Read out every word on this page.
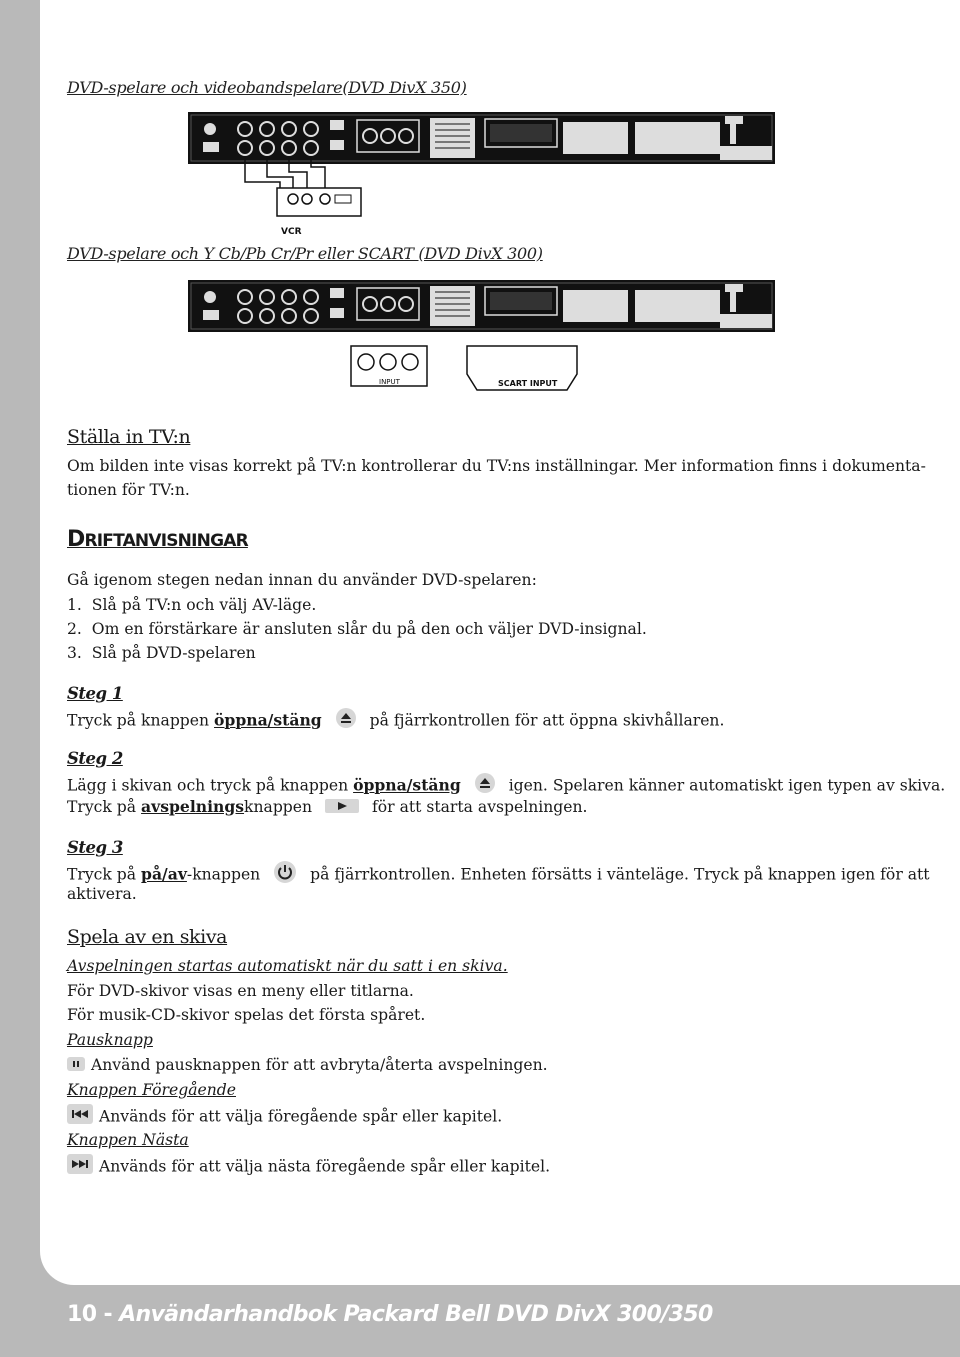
DVD-spelare och videobandspelare(DVD DivX 350)
VCR
DVD-spelare och Y Cb/Pb Cr/Pr eller SCART (DVD DivX 300)
INPUT	SCART INPUT
Ställa in TV:n
Om bilden inte visas korrekt på TV:n kontrollerar du TV:ns inställningar. Mer information finns i dokumenta-
tionen för TV:n.
DRIFTANVISNINGAR
Gå igenom stegen nedan innan du använder DVD-spelaren:
1.  Slå på TV:n och välj AV-läge.
2.  Om en förstärkare är ansluten slår du på den och väljer DVD-insignal.
3.  Slå på DVD-spelaren
Steg 1
Tryck på knappen öppna/stäng	på fjärrkontrollen för att öppna skivhållaren.
Steg 2
Lägg i skivan och tryck på knappen öppna/stäng	igen. Spelaren känner automatiskt igen typen av skiva.
Tryck på avspelningsknappen	för att starta avspelningen.
Steg 3
Tryck på på/av-knappen	på fjärrkontrollen. Enheten försätts i vänteläge. Tryck på knappen igen för att
aktivera.
Spela av en skiva
Avspelningen startas automatiskt när du satt i en skiva.
För DVD-skivor visas en meny eller titlarna.
För musik-CD-skivor spelas det första spåret.
Pausknapp
Använd pausknappen för att avbryta/återta avspelningen.
Knappen Föregående
Används för att välja föregående spår eller kapitel.
Knappen Nästa
Används för att välja nästa föregående spår eller kapitel.
10 - Användarhandbok Packard Bell DVD DivX 300/350
